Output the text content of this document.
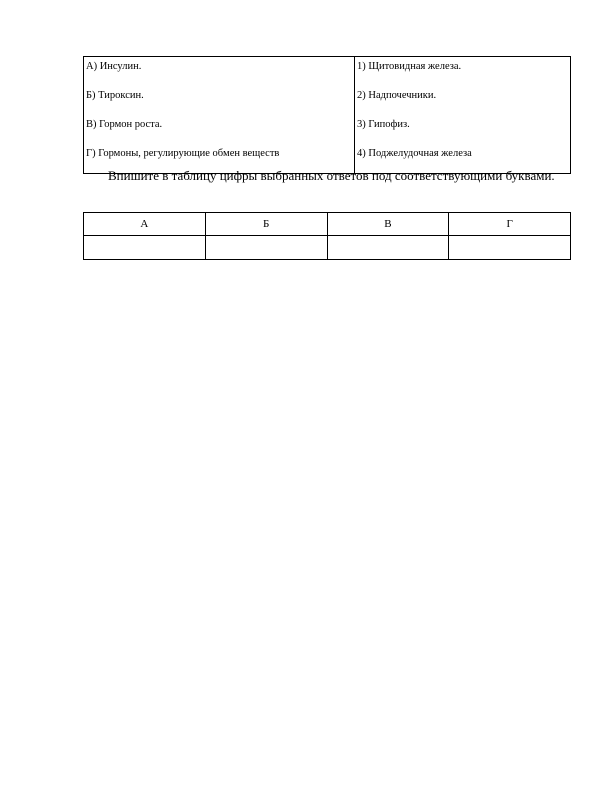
А) Инсулин.
Б) Тироксин.
В) Гормон роста.
Г) Гормоны, регулирующие обмен веществ

1) Щитовидная железа.
2) Надпочечники.
3) Гипофиз.
4) Поджелудочная железа
Впишите в таблицу цифры выбранных ответов под соответствующими буквами.
А	Б	В	Г
